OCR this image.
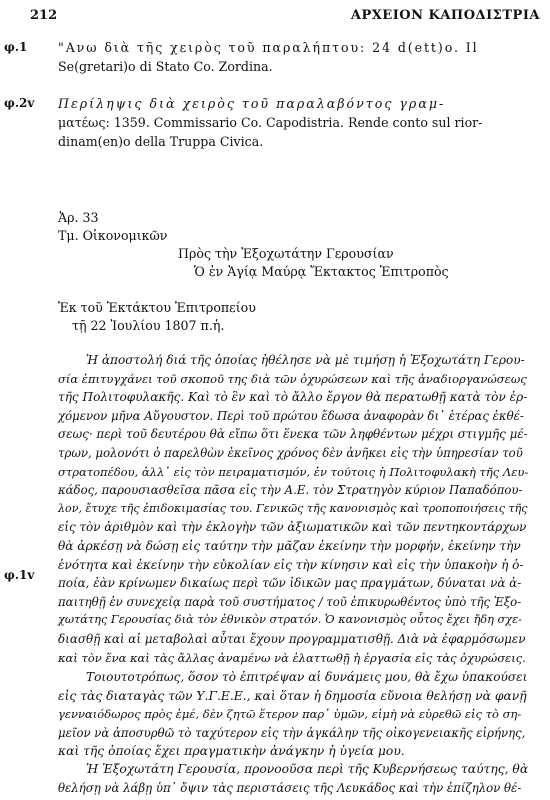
212	ΑΡΧΕΙΟΝ ΚΑΠΟΔΙΣΤΡΙΑ
φ.1 "Ανω διὰ τῆς χειρὸς τοῦ παραλήπτου: 24 d(ett)o. Il
Se(gretari)o di Stato Co. Zordina.
φ.2v Περίληψις διὰ χειρὸς τοῦ παραλαβόντος γραμ-
ματέως: 1359. Commissario Co. Capodistria. Rende conto sul rior-
dinam(en)o della Truppa Civica.
Ἀρ. 33
Τμ. Οἰκονομικῶν
Πρὸς τὴν Ἐξοχωτάτην Γερουσίαν
Ὁ ἐν Ἁγίᾳ Μαύρᾳ Ἔκτακτος Ἐπιτροπὸς
Ἐκ τοῦ Ἐκτάκτου Ἐπιτροπείου
τῇ 22 Ἰουλίου 1807 π.ἡ.
φ.1v
Ἡ ἀποστολή διά τῆς ὁποίας ἠθέλησε νὰ μὲ τιμήσῃ ἡ Ἐξοχωτάτη Γερου-
σία ἐπιτυγχάνει τοῦ σκοποῦ της διὰ τῶν ὀχυρώσεων καὶ τῆς ἀναδιοργανώσεως
τῆς Πολιτοφυλακῆς. Καὶ τὸ ἓν καὶ τὸ ἄλλο ἔργον θὰ περατωθῇ κατὰ τὸν ἐρ-
χόμενον μῆνα Αὔγουστον. Περὶ τοῦ πρώτου ἔδωσα ἀναφορὰν δι᾽ ἑτέρας ἐκθέ-
σεως· περὶ τοῦ δευτέρου θὰ εἴπω ὅτι ἕνεκα τῶν ληφθέντων μέχρι στιγμῆς μέ-
τρων, μολονότι ὁ παρελθὼν ἐκεῖνος χρόνος δὲν ἀνῆκει εἰς τὴν ὑπηρεσίαν τοῦ
στρατοπέδου, ἀλλ᾽ εἰς τὸν πειραματισμόν, ἐν τούτοις ἡ Πολιτοφυλακὴ τῆς Λευ-
κάδος, παρουσιασθεῖσα πᾶσα εἰς τὴν Α.Ε. τὸν Στρατηγὸν κύριον Παπαδόπου-
λον, ἔτυχε τῆς ἐπιδοκιμασίας του. Γενικῶς τῆς κανονισμὸς καὶ τροποποιήσεις τῆς
εἰς τὸν ἀριθμὸν καὶ τὴν ἐκλογὴν τῶν ἀξιωματικῶν καὶ τῶν πεντηκοντάρχων
θὰ ἀρκέσῃ νὰ δώσῃ εἰς ταύτην τὴν μᾶζαν ἐκείνην τὴν μορφήν, ἐκείνην τὴν
ἑνότητα καὶ ἐκείνην τὴν εὐκολίαν εἰς τὴν κίνησιν καὶ εἰς τὴν ὑπακοὴν ἡ ὁ-
ποία, ἐὰν κρίνωμεν δικαίως περὶ τῶν ἰδικῶν μας πραγμάτων, δύναται νὰ ἀ-
παιτηθῇ ἐν συνεχείᾳ παρὰ τοῦ συστήματος / τοῦ ἐπικυρωθέντος ὑπὸ τῆς Ἐξο-
χωτάτης Γερουσίας διὰ τὸν ἐθνικὸν στρατόν. Ὁ κανονισμὸς οὗτος ἔχει ἤδη σχε-
διασθῇ καὶ αἱ μεταβολαὶ αὗται ἔχουν προγραμματισθῇ. Διὰ νὰ ἐφαρμόσωμεν
καὶ τὸν ἕνα καὶ τὰς ἄλλας ἀναμένω νὰ ἐλαττωθῇ ἡ ἐργασία εἰς τὰς ὀχυρώσεις.
Τοιουτοτρόπως, ὅσον τὸ ἐπιτρέψαν αἱ δυνάμεις μου, θὰ ἔχω ὑπακούσει
εἰς τὰς διαταγὰς τῶν Υ.Γ.Ε.Ε., καὶ ὅταν ἡ δημοσία εὔνοια θελήσῃ νὰ φανῇ
γενναιόδωρος πρὸς ἐμέ, δὲν ζητῶ ἕτερον παρ᾽ ὑμῶν, εἰμὴ νὰ εὑρεθῶ εἰς τὸ ση-
μεῖον νὰ ἀποσυρθῶ τὸ ταχύτερον εἰς τὴν ἀγκάλην τῆς οἰκογενειακῆς εἰρήνης,
καὶ τῆς ὁποίας ἔχει πραγματικὴν ἀνάγκην ἡ ὑγεία μου.
Ἡ Ἐξοχωτάτη Γερουσία, προνοοῦσα περὶ τῆς Κυβερνήσεως ταύτης, θὰ
θελήσῃ νὰ λάβῃ ὑπ᾽ ὄψιν τὰς περιστάσεις τῆς Λευκάδος καὶ τὴν ἐπίζηλον θέ-
